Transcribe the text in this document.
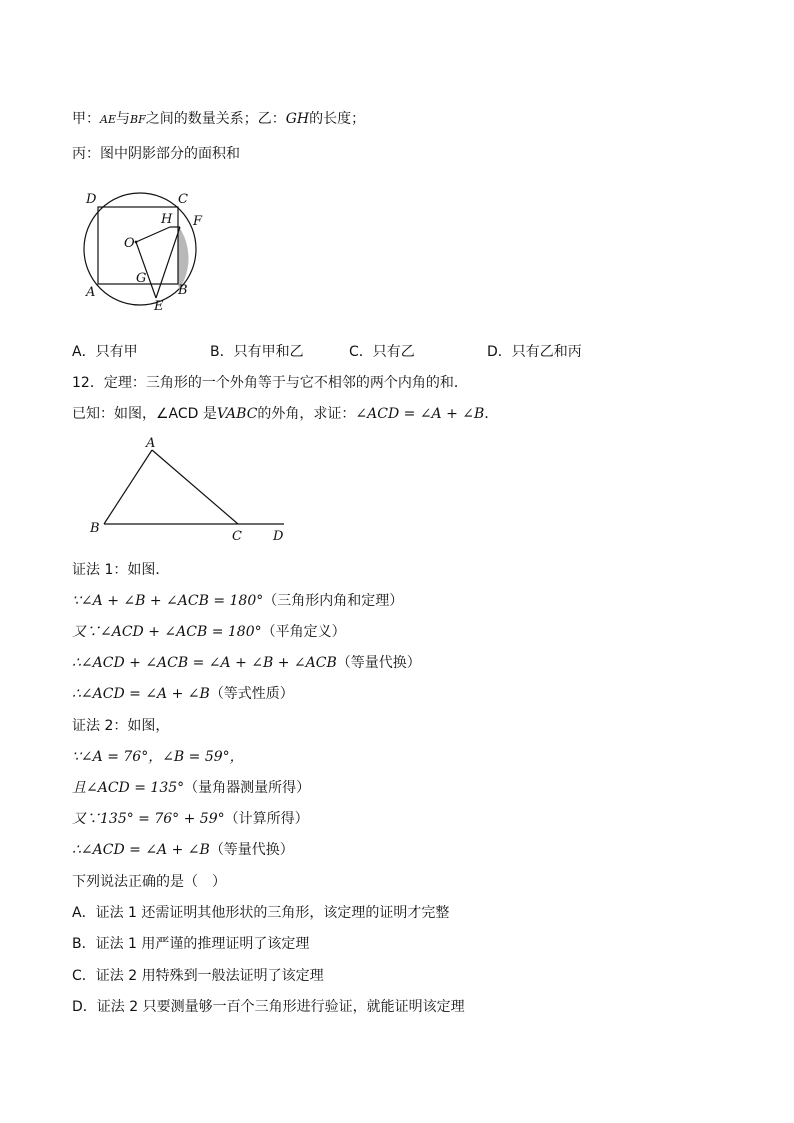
甲：AE与BF之间的数量关系；乙：GH的长度；
丙：图中阴影部分的面积和
D	C
H F
O
G
A	B
E
A．只有甲	B．只有甲和乙	C．只有乙	D．只有乙和丙
12．定理：三角形的一个外角等于与它不相邻的两个内角的和．
已知：如图，∠ACD 是VABC的外角，求证：∠ACD = ∠A + ∠B．
A
B
C D
证法 1：如图．
∵∠A + ∠B + ∠ACB = 180°（三角形内角和定理）
又∵∠ACD + ∠ACB = 180°（平角定义）
∴∠ACD + ∠ACB = ∠A + ∠B + ∠ACB（等量代换）
∴∠ACD = ∠A + ∠B（等式性质）
证法 2：如图，
∵∠A = 76°，∠B = 59°，
且∠ACD = 135°（量角器测量所得）
又∵135° = 76° + 59°（计算所得）
∴∠ACD = ∠A + ∠B（等量代换）
下列说法正确的是（　）
A．证法 1 还需证明其他形状的三角形，该定理的证明才完整
B．证法 1 用严谨的推理证明了该定理
C．证法 2 用特殊到一般法证明了该定理
D．证法 2 只要测量够一百个三角形进行验证，就能证明该定理
